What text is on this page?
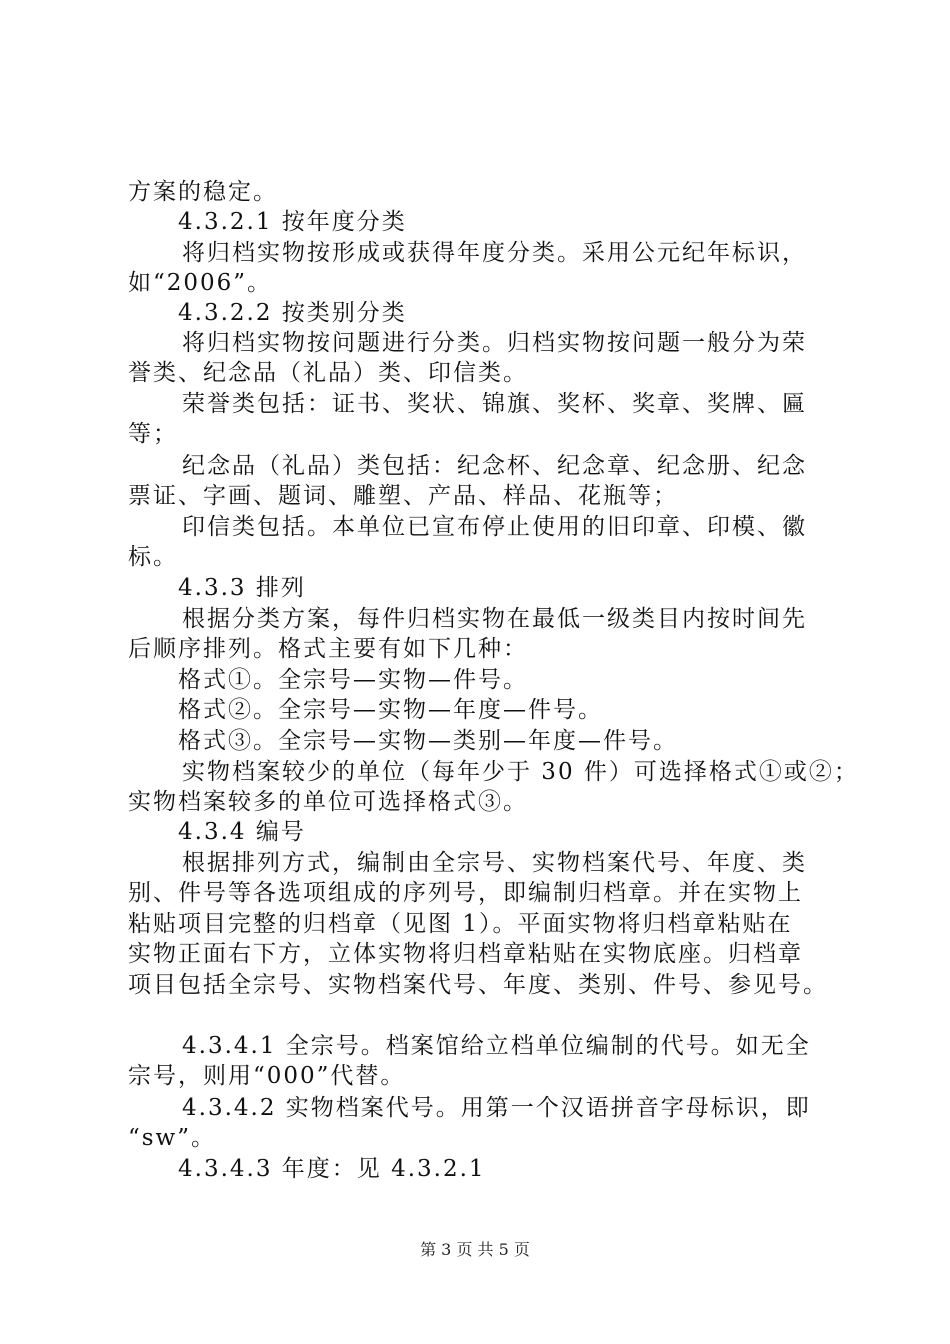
方案的稳定。
4.3.2.1 按年度分类
将归档实物按形成或获得年度分类。采用公元纪年标识，
如“2006”。
4.3.2.2 按类别分类
将归档实物按问题进行分类。归档实物按问题一般分为荣
誉类、纪念品（礼品）类、印信类。
荣誉类包括：证书、奖状、锦旗、奖杯、奖章、奖牌、匾
等；
纪念品（礼品）类包括：纪念杯、纪念章、纪念册、纪念
票证、字画、题词、雕塑、产品、样品、花瓶等；
印信类包括。本单位已宣布停止使用的旧印章、印模、徽
标。
4.3.3 排列
根据分类方案，每件归档实物在最低一级类目内按时间先
后顺序排列。格式主要有如下几种：
格式①。全宗号—实物—件号。
格式②。全宗号—实物—年度—件号。
格式③。全宗号—实物—类别—年度—件号。
实物档案较少的单位（每年少于 30 件）可选择格式①或②；
实物档案较多的单位可选择格式③。
4.3.4 编号
根据排列方式，编制由全宗号、实物档案代号、年度、类
别、件号等各选项组成的序列号，即编制归档章。并在实物上
粘贴项目完整的归档章（见图 1）。平面实物将归档章粘贴在
实物正面右下方，立体实物将归档章粘贴在实物底座。归档章
项目包括全宗号、实物档案代号、年度、类别、件号、参见号。
4.3.4.1 全宗号。档案馆给立档单位编制的代号。如无全
宗号，则用“000”代替。
4.3.4.2 实物档案代号。用第一个汉语拼音字母标识，即
“sw”。
4.3.4.3 年度：见 4.3.2.1
第 3 页 共 5 页
